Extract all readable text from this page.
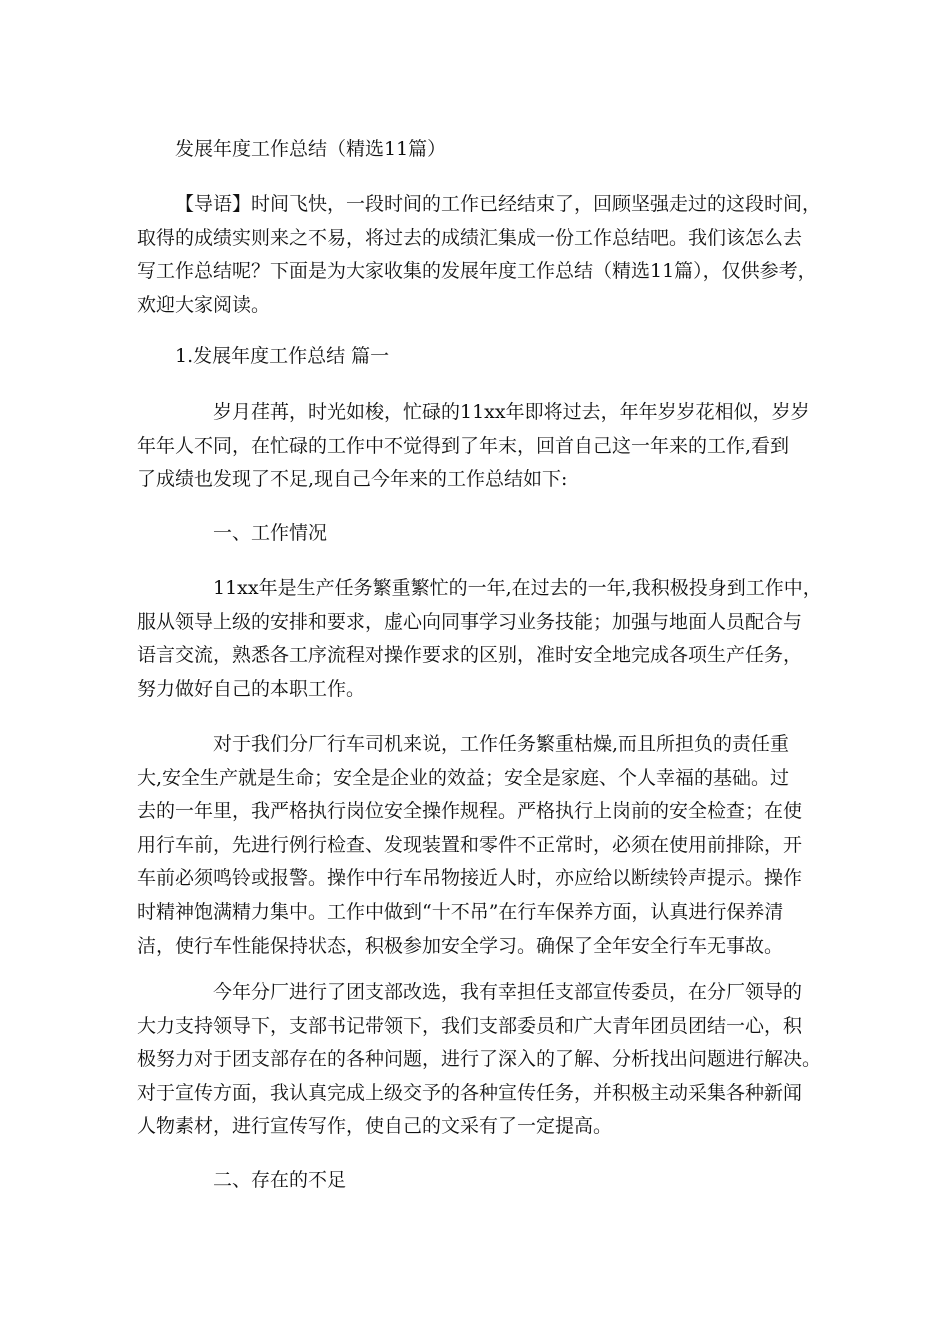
发展年度工作总结（精选11篇）

【导语】时间飞快，一段时间的工作已经结束了，回顾坚强走过的这段时间，
取得的成绩实则来之不易，将过去的成绩汇集成一份工作总结吧。我们该怎么去
写工作总结呢？下面是为大家收集的发展年度工作总结（精选11篇），仅供参考，
欢迎大家阅读。

1.发展年度工作总结 篇一

岁月荏苒，时光如梭，忙碌的11xx年即将过去，年年岁岁花相似，岁岁
年年人不同，在忙碌的工作中不觉得到了年末，回首自己这一年来的工作,看到
了成绩也发现了不足,现自己今年来的工作总结如下:

一、工作情况

11xx年是生产任务繁重繁忙的一年,在过去的一年,我积极投身到工作中，
服从领导上级的安排和要求，虚心向同事学习业务技能；加强与地面人员配合与
语言交流，熟悉各工序流程对操作要求的区别，准时安全地完成各项生产任务，
努力做好自己的本职工作。
对于我们分厂行车司机来说，工作任务繁重枯燥,而且所担负的责任重
大,安全生产就是生命；安全是企业的效益；安全是家庭、个人幸福的基础。过
去的一年里，我严格执行岗位安全操作规程。严格执行上岗前的安全检查；在使
用行车前，先进行例行检查、发现装置和零件不正常时，必须在使用前排除，开
车前必须鸣铃或报警。操作中行车吊物接近人时，亦应给以断续铃声提示。操作
时精神饱满精力集中。工作中做到“十不吊”在行车保养方面，认真进行保养清
洁，使行车性能保持状态，积极参加安全学习。确保了全年安全行车无事故。
今年分厂进行了团支部改选，我有幸担任支部宣传委员，在分厂领导的
大力支持领导下，支部书记带领下，我们支部委员和广大青年团员团结一心，积
极努力对于团支部存在的各种问题，进行了深入的了解、分析找出问题进行解决。
对于宣传方面，我认真完成上级交予的各种宣传任务，并积极主动采集各种新闻
人物素材，进行宣传写作，使自己的文采有了一定提高。

二、存在的不足
